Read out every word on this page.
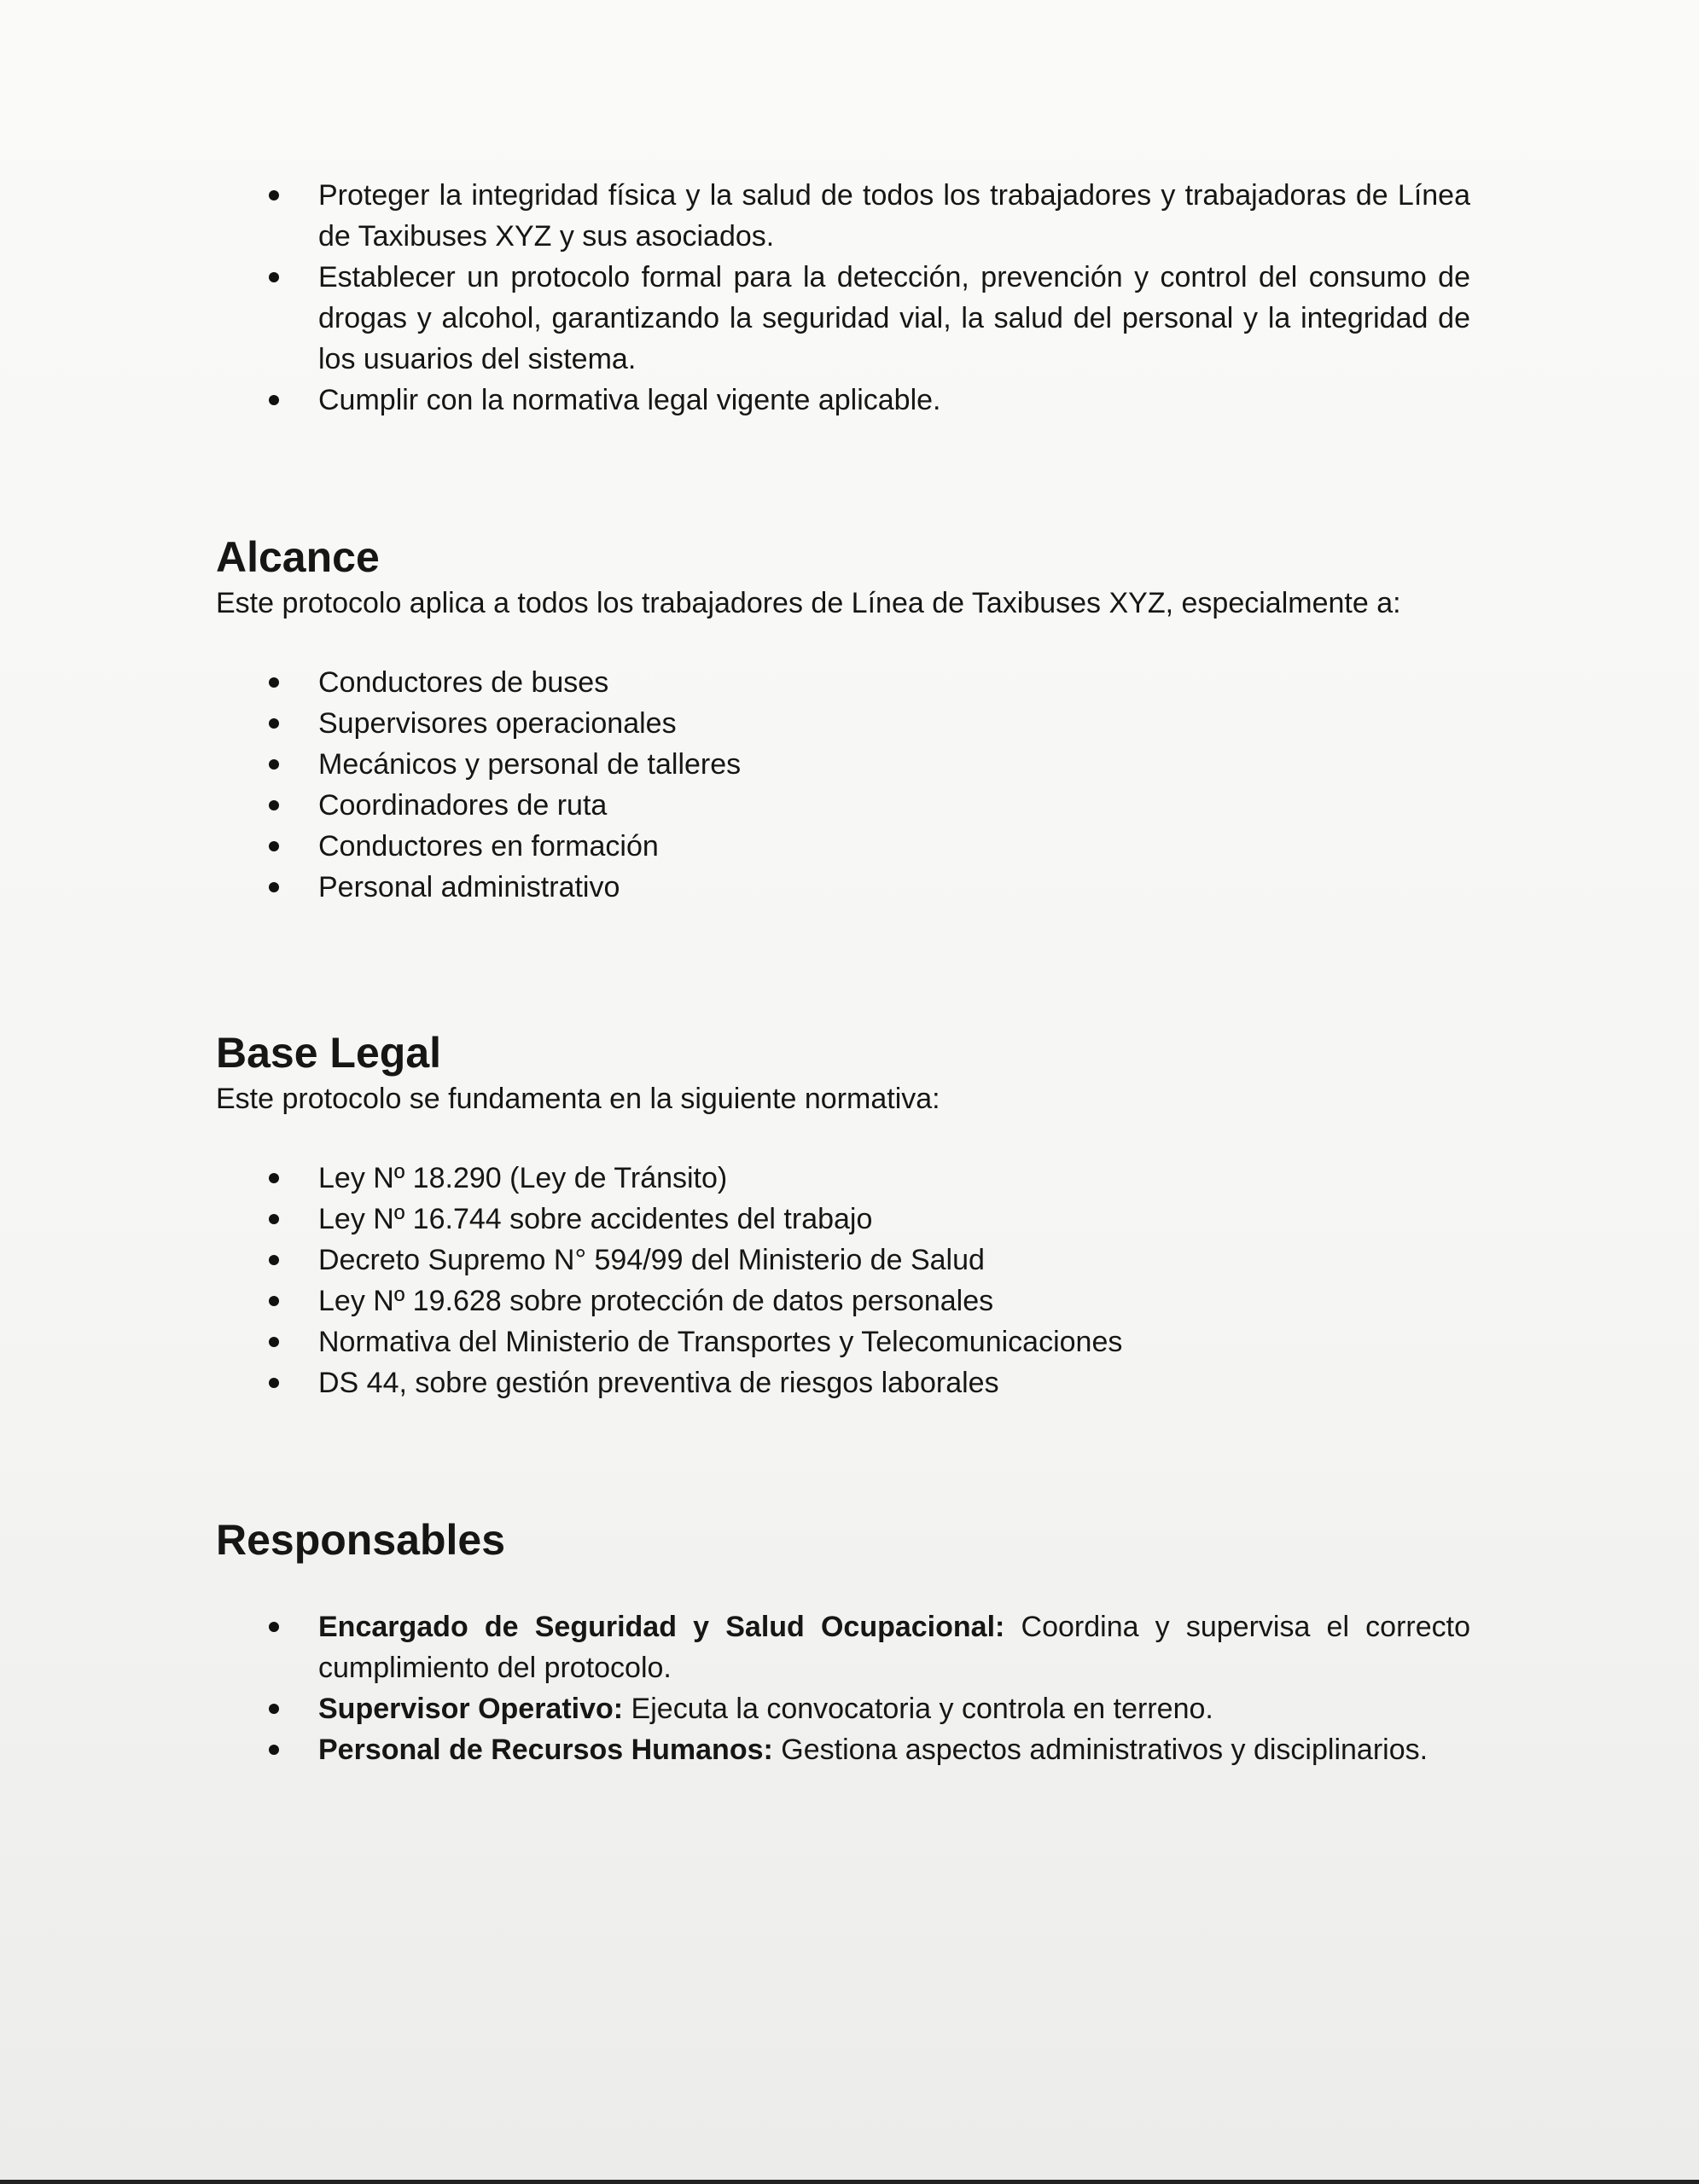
Proteger la integridad física y la salud de todos los trabajadores y trabajadoras de Línea de Taxibuses XYZ y sus asociados.
Establecer un protocolo formal para la detección, prevención y control del consumo de drogas y alcohol, garantizando la seguridad vial, la salud del personal y la integridad de los usuarios del sistema.
Cumplir con la normativa legal vigente aplicable.
Alcance

Este protocolo aplica a todos los trabajadores de Línea de Taxibuses XYZ, especialmente a:

Conductores de buses
Supervisores operacionales
Mecánicos y personal de talleres
Coordinadores de ruta
Conductores en formación
Personal administrativo
Base Legal

Este protocolo se fundamenta en la siguiente normativa:

Ley Nº 18.290 (Ley de Tránsito)
Ley Nº 16.744 sobre accidentes del trabajo
Decreto Supremo N° 594/99 del Ministerio de Salud
Ley Nº 19.628 sobre protección de datos personales
Normativa del Ministerio de Transportes y Telecomunicaciones
DS 44, sobre gestión preventiva de riesgos laborales
Responsables
Encargado de Seguridad y Salud Ocupacional: Coordina y supervisa el correcto cumplimiento del protocolo.
Supervisor Operativo: Ejecuta la convocatoria y controla en terreno.
Personal de Recursos Humanos: Gestiona aspectos administrativos y disciplinarios.
